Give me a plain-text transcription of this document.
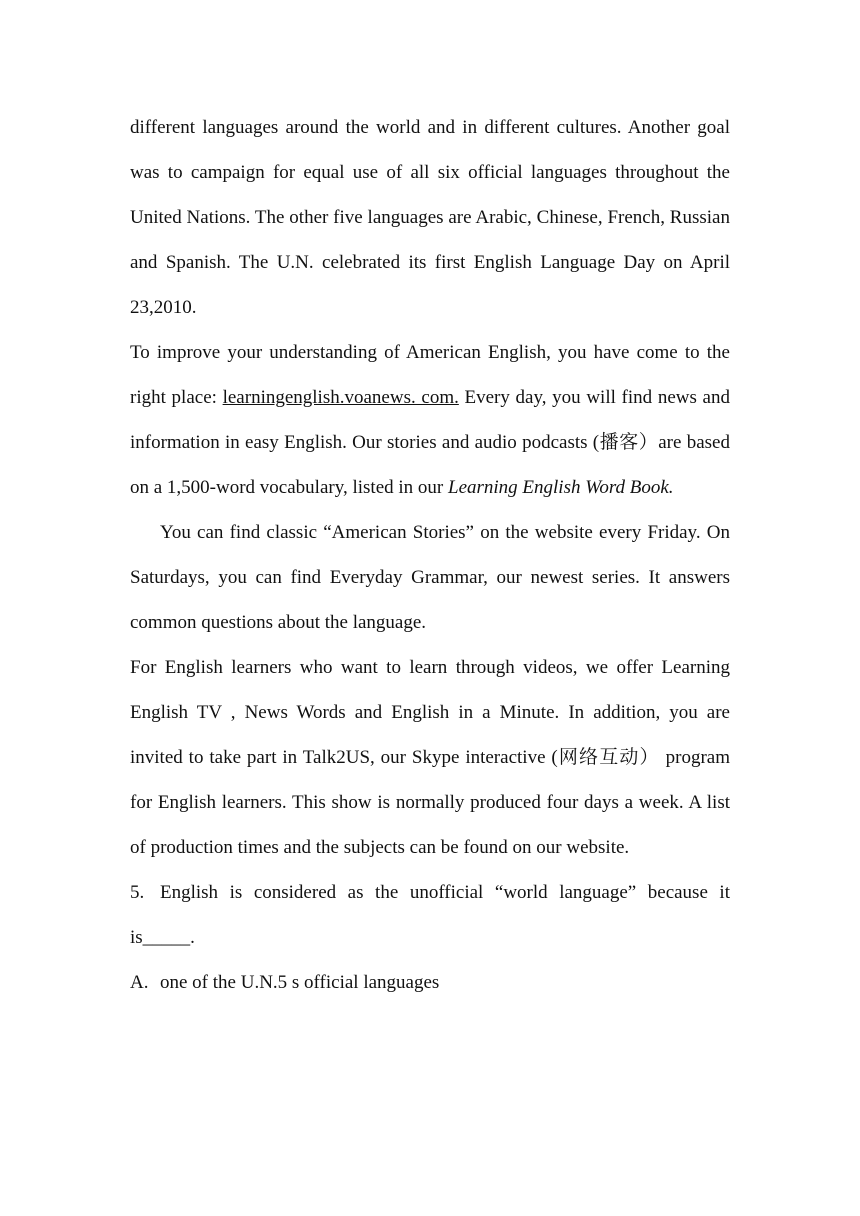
different languages around the world and in different cultures. Another goal was to campaign for equal use of all six official languages throughout the United Nations. The other five languages are Arabic, Chinese, French, Russian and Spanish. The U.N. celebrated its first English Language Day on April 23,2010.

To improve your understanding of American English, you have come to the right place: learningenglish.voanews. com. Every day, you will find news and information in easy English. Our stories and audio podcasts (播客）are based on a 1,500-word vocabulary, listed in our Learning English Word Book.

You can find classic “American Stories” on the website every Friday. On Saturdays, you can find Everyday Grammar, our newest series. It answers common questions about the language.

For English learners who want to learn through videos, we offer Learning English TV , News Words and English in a Minute. In addition, you are invited to take part in Talk2US, our Skype interactive (网络互动） program for English learners. This show is normally produced four days a week. A list of production times and the subjects can be found on our website.

5. English is considered as the unofficial “world language” because it is_____.

A. one of the U.N.5 s official languages
